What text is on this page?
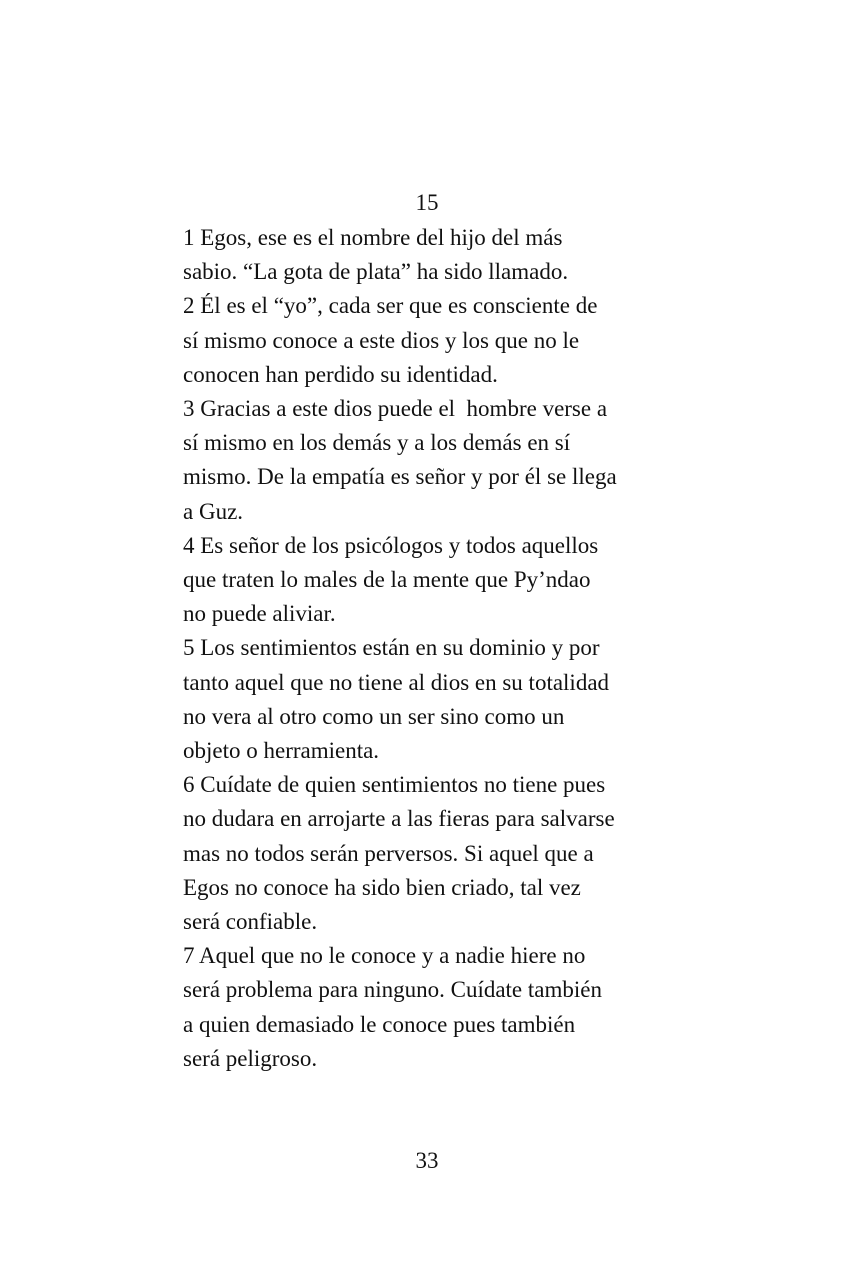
15
1 Egos, ese es el nombre del hijo del más
sabio. “La gota de plata” ha sido llamado.
2 Él es el “yo”, cada ser que es consciente de
sí mismo conoce a este dios y los que no le
conocen han perdido su identidad.
3 Gracias a este dios puede el  hombre verse a
sí mismo en los demás y a los demás en sí
mismo. De la empatía es señor y por él se llega
a Guz.
4 Es señor de los psicólogos y todos aquellos
que traten lo males de la mente que Py’ndao
no puede aliviar.
5 Los sentimientos están en su dominio y por
tanto aquel que no tiene al dios en su totalidad
no vera al otro como un ser sino como un
objeto o herramienta.
6 Cuídate de quien sentimientos no tiene pues
no dudara en arrojarte a las fieras para salvarse
mas no todos serán perversos. Si aquel que a
Egos no conoce ha sido bien criado, tal vez
será confiable.
7 Aquel que no le conoce y a nadie hiere no
será problema para ninguno. Cuídate también
a quien demasiado le conoce pues también
será peligroso.
33
